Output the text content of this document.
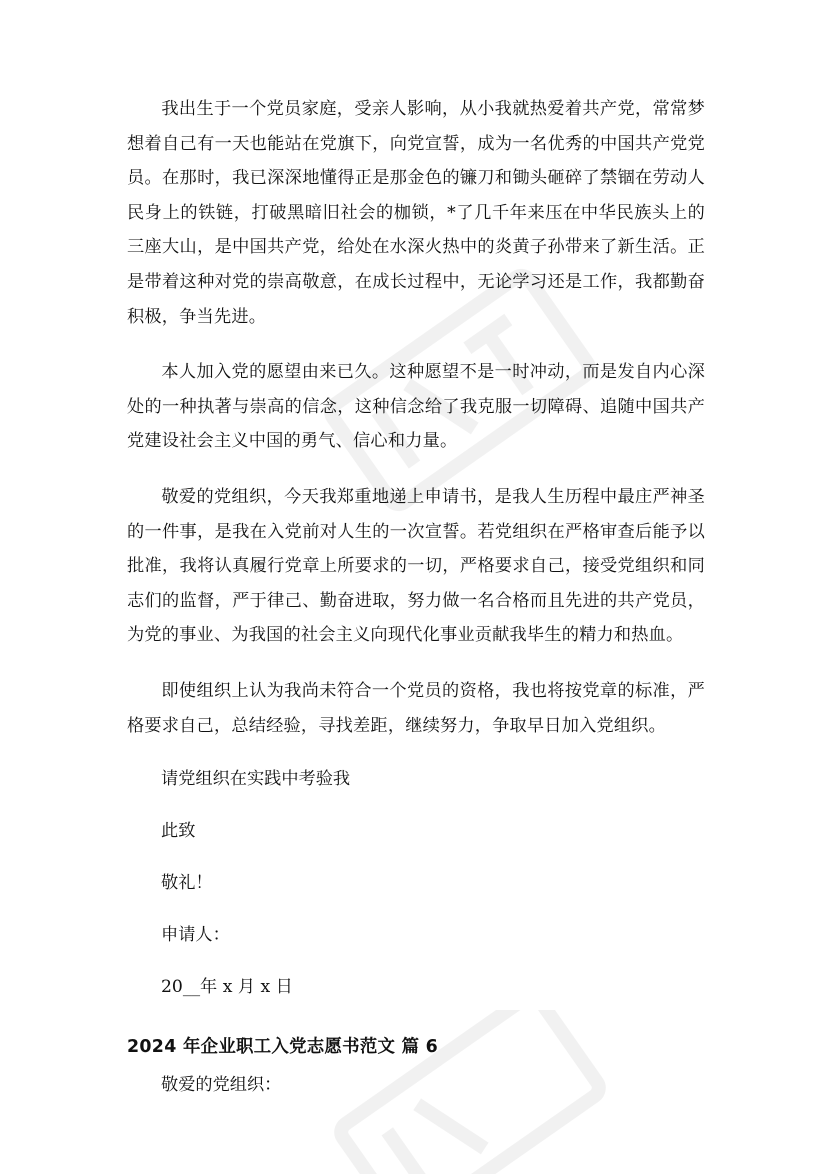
我出生于一个党员家庭，受亲人影响，从小我就热爱着共产党，常常梦想着自己有一天也能站在党旗下，向党宣誓，成为一名优秀的中国共产党党员。在那时，我已深深地懂得正是那金色的镰刀和锄头砸碎了禁锢在劳动人民身上的铁链，打破黑暗旧社会的枷锁，*了几千年来压在中华民族头上的三座大山，是中国共产党，给处在水深火热中的炎黄子孙带来了新生活。正是带着这种对党的崇高敬意，在成长过程中，无论学习还是工作，我都勤奋积极，争当先进。

本人加入党的愿望由来已久。这种愿望不是一时冲动，而是发自内心深处的一种执著与崇高的信念，这种信念给了我克服一切障碍、追随中国共产党建设社会主义中国的勇气、信心和力量。

敬爱的党组织，今天我郑重地递上申请书，是我人生历程中最庄严神圣的一件事，是我在入党前对人生的一次宣誓。若党组织在严格审查后能予以批准，我将认真履行党章上所要求的一切，严格要求自己，接受党组织和同志们的监督，严于律己、勤奋进取，努力做一名合格而且先进的共产党员，为党的事业、为我国的社会主义向现代化事业贡献我毕生的精力和热血。

即使组织上认为我尚未符合一个党员的资格，我也将按党章的标准，严格要求自己，总结经验，寻找差距，继续努力，争取早日加入党组织。

请党组织在实践中考验我

此致

敬礼！

申请人：

20__年 x 月 x 日

2024 年企业职工入党志愿书范文 篇 6

敬爱的党组织：
